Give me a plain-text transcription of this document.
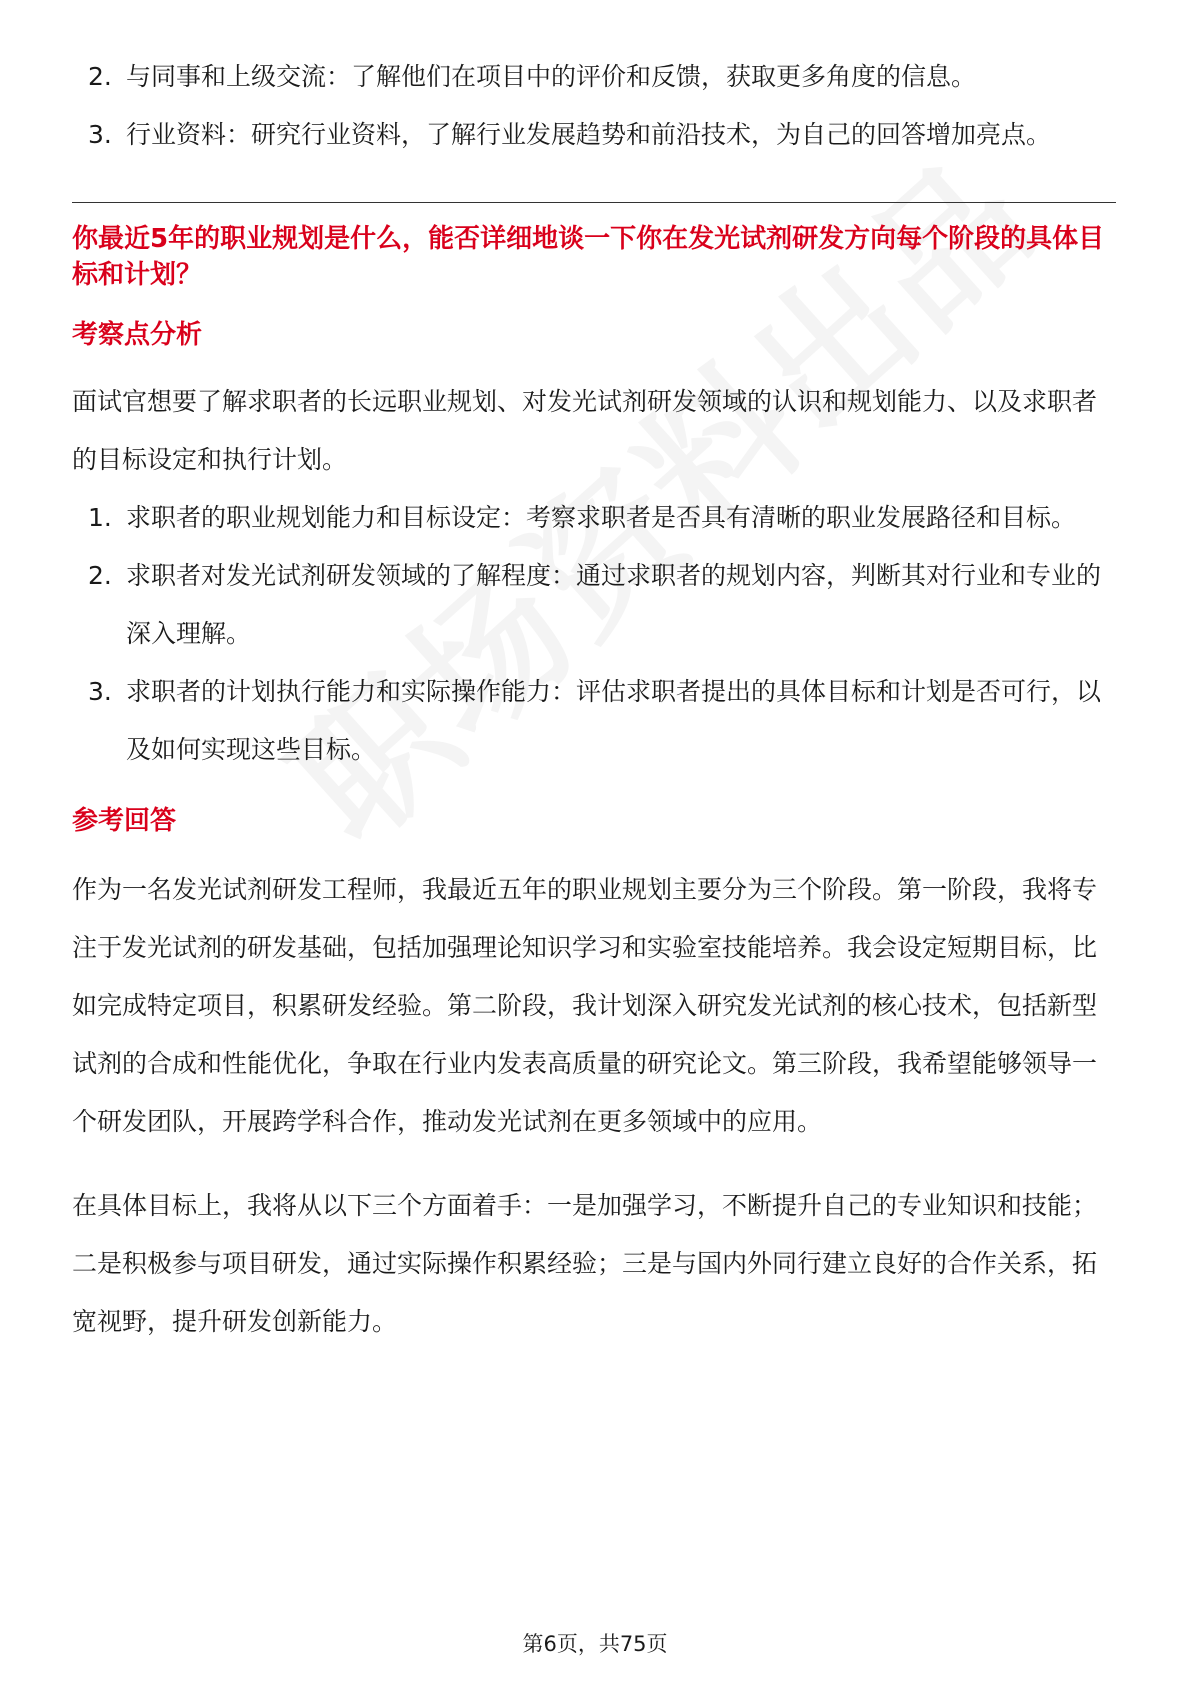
2. 与同事和上级交流：了解他们在项目中的评价和反馈，获取更多角度的信息。
3. 行业资料：研究行业资料，了解行业发展趋势和前沿技术，为自己的回答增加亮点。
你最近5年的职业规划是什么，能否详细地谈一下你在发光试剂研发方向每个阶段的具体目标和计划？
考察点分析

面试官想要了解求职者的长远职业规划、对发光试剂研发领域的认识和规划能力、以及求职者的目标设定和执行计划。

1. 求职者的职业规划能力和目标设定：考察求职者是否具有清晰的职业发展路径和目标。
2. 求职者对发光试剂研发领域的了解程度：通过求职者的规划内容，判断其对行业和专业的深入理解。
3. 求职者的计划执行能力和实际操作能力：评估求职者提出的具体目标和计划是否可行，以及如何实现这些目标。
参考回答

作为一名发光试剂研发工程师，我最近五年的职业规划主要分为三个阶段。第一阶段，我将专注于发光试剂的研发基础，包括加强理论知识学习和实验室技能培养。我会设定短期目标，比如完成特定项目，积累研发经验。第二阶段，我计划深入研究发光试剂的核心技术，包括新型试剂的合成和性能优化，争取在行业内发表高质量的研究论文。第三阶段，我希望能够领导一个研发团队，开展跨学科合作，推动发光试剂在更多领域中的应用。

在具体目标上，我将从以下三个方面着手：一是加强学习，不断提升自己的专业知识和技能；二是积极参与项目研发，通过实际操作积累经验；三是与国内外同行建立良好的合作关系，拓宽视野，提升研发创新能力。

第6页，共75页
